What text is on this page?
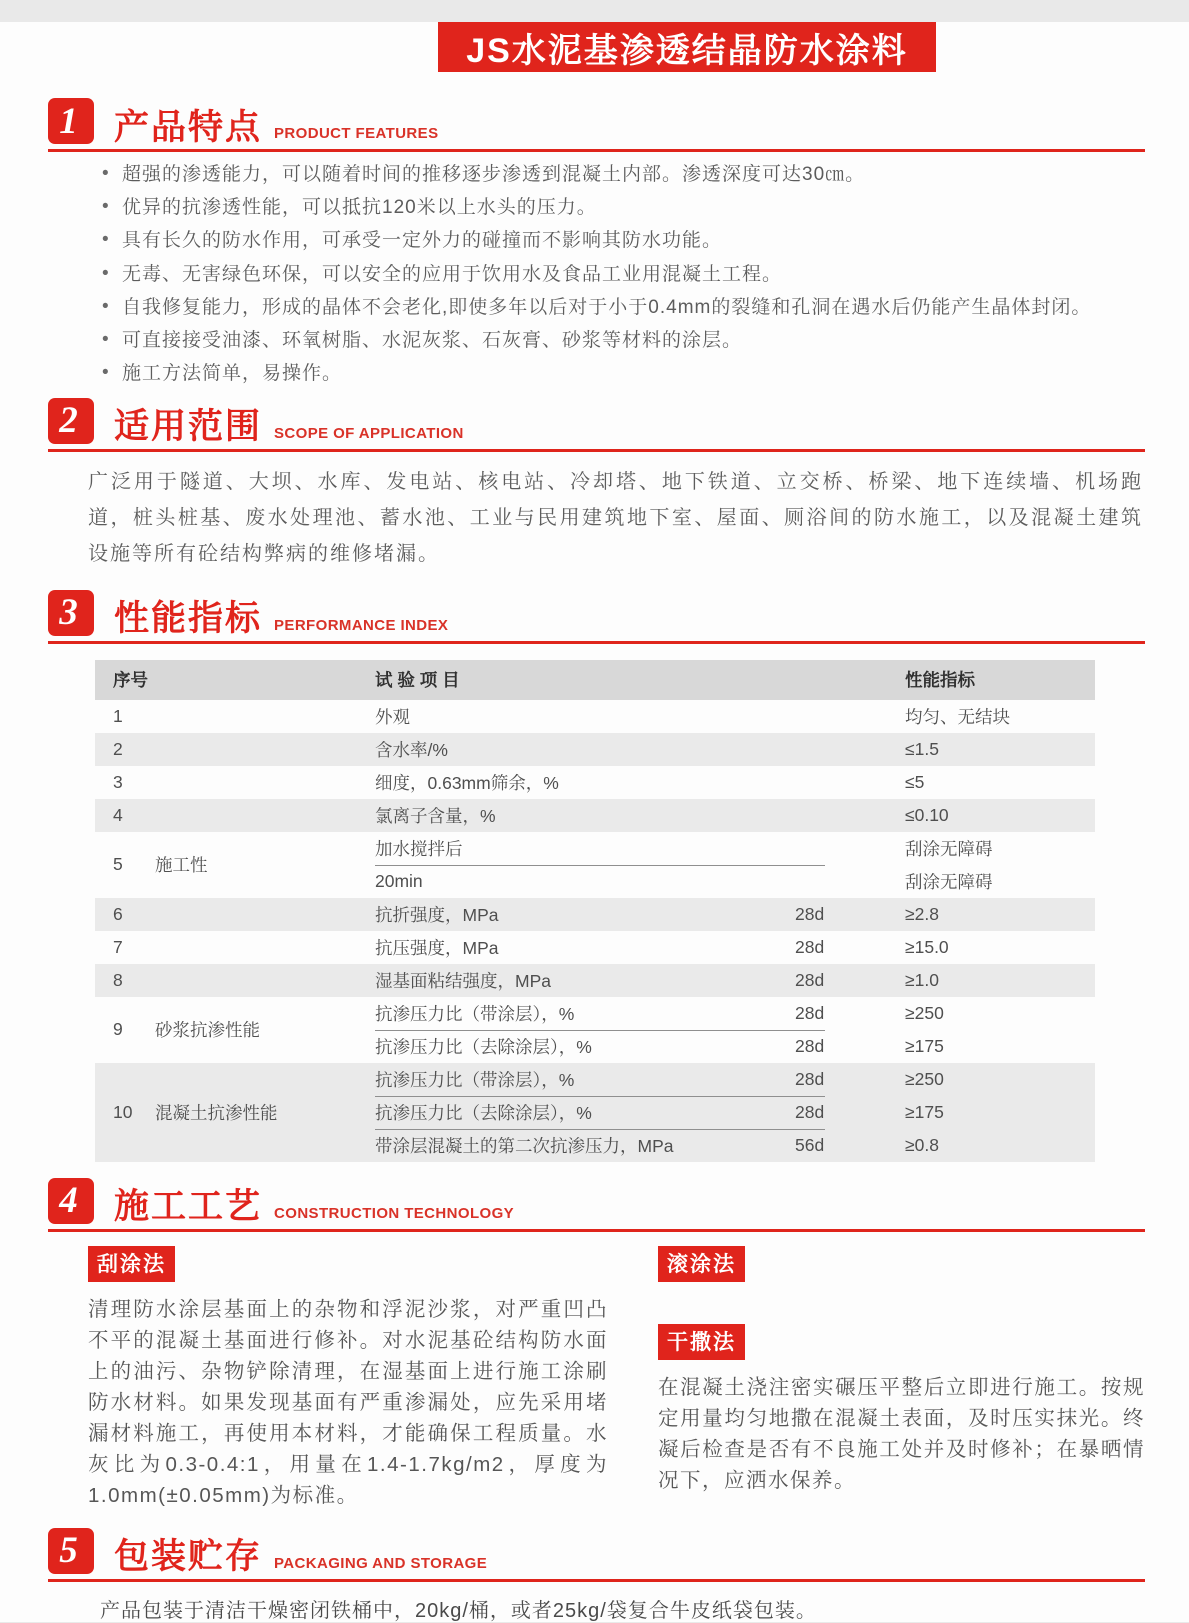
JS水泥基渗透结晶防水涂料
1	产品特点 PRODUCT FEATURES
• 超强的渗透能力，可以随着时间的推移逐步渗透到混凝土内部。渗透深度可达30㎝。
• 优异的抗渗透性能，可以抵抗120米以上水头的压力。
• 具有长久的防水作用，可承受一定外力的碰撞而不影响其防水功能。
• 无毒、无害绿色环保，可以安全的应用于饮用水及食品工业用混凝土工程。
• 自我修复能力，形成的晶体不会老化,即使多年以后对于小于0.4mm的裂缝和孔洞在遇水后仍能产生晶体封闭。
• 可直接接受油漆、环氧树脂、水泥灰浆、石灰膏、砂浆等材料的涂层。
• 施工方法简单，易操作。
2	适用范围 SCOPE OF APPLICATION

广泛用于隧道、大坝、水库、发电站、核电站、冷却塔、地下铁道、立交桥、桥梁、地下连续墙、机场跑道，桩头桩基、废水处理池、蓄水池、工业与民用建筑地下室、屋面、厕浴间的防水施工，以及混凝土建筑设施等所有砼结构弊病的维修堵漏。

3	性能指标 PERFORMANCE INDEX
序号	试 验 项 目	性能指标
1	外观	均匀、无结块
2	含水率/%	≤1.5
3	细度，0.63mm筛余，%	≤5
4	氯离子含量，%	≤0.10
5	施工性
加水搅拌后	刮涂无障碍
20min	刮涂无障碍
6	抗折强度，MPa	28d	≥2.8
7	抗压强度，MPa	28d	≥15.0
8	湿基面粘结强度，MPa	28d	≥1.0
9	砂浆抗渗性能
抗渗压力比（带涂层），%	28d	≥250
抗渗压力比（去除涂层），%	28d	≥175
10	混凝土抗渗性能
抗渗压力比（带涂层），%	28d	≥250
抗渗压力比（去除涂层），%	28d	≥175
带涂层混凝土的第二次抗渗压力，MPa	56d	≥0.8
4	施工工艺 CONSTRUCTION TECHNOLOGY
刮涂法

清理防水涂层基面上的杂物和浮泥沙浆，对严重凹凸不平的混凝土基面进行修补。对水泥基砼结构防水面上的油污、杂物铲除清理，在湿基面上进行施工涂刷防水材料。如果发现基面有严重渗漏处，应先采用堵漏材料施工，再使用本材料，才能确保工程质量。水灰比为0.3-0.4:1，用量在1.4-1.7kg/m2，厚度为1.0mm(±0.05mm)为标准。

滚涂法
干撒法

在混凝土浇注密实碾压平整后立即进行施工。按规定用量均匀地撒在混凝土表面，及时压实抹光。终凝后检查是否有不良施工处并及时修补；在暴晒情况下，应洒水保养。

5	包装贮存 PACKAGING AND STORAGE

产品包装于清洁干燥密闭铁桶中，20kg/桶，或者25kg/袋复合牛皮纸袋包装。
